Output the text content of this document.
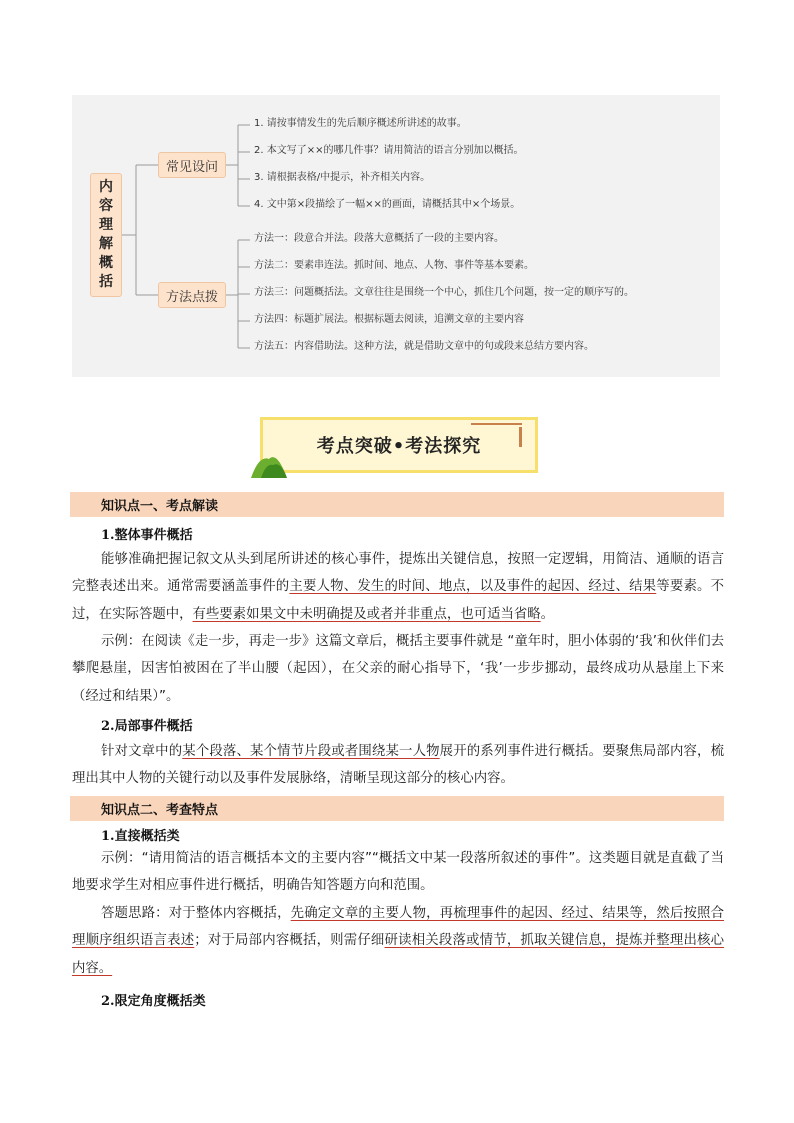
内
容
理
解
概
括
常见设问
方法点拨
1. 请按事情发生的先后顺序概述所讲述的故事。
2. 本文写了××的哪几件事？请用简洁的语言分别加以概括。
3. 请根据表格/中提示，补齐相关内容。
4. 文中第×段描绘了一幅××的画面，请概括其中×个场景。
方法一：段意合并法。段落大意概括了一段的主要内容。
方法二：要素串连法。抓时间、地点、人物、事件等基本要素。
方法三：问题概括法。文章往往是围绕一个中心，抓住几个问题，按一定的顺序写的。
方法四：标题扩展法。根据标题去阅读，追溯文章的主要内容
方法五：内容借助法。这种方法，就是借助文章中的句或段来总结方要内容。
考点突破•考法探究
知识点一、考点解读
1.整体事件概括
能够准确把握记叙文从头到尾所讲述的核心事件，提炼出关键信息，按照一定逻辑，用简洁、通顺的语言完整表述出来。通常需要涵盖事件的主要人物、发生的时间、地点，以及事件的起因、经过、结果等要素。不过，在实际答题中，有些要素如果文中未明确提及或者并非重点，也可适当省略。
示例：在阅读《走一步，再走一步》这篇文章后，概括主要事件就是 “童年时，胆小体弱的‘我’和伙伴们去攀爬悬崖，因害怕被困在了半山腰（起因），在父亲的耐心指导下，‘我’一步步挪动，最终成功从悬崖上下来（经过和结果）”。
2.局部事件概括
针对文章中的某个段落、某个情节片段或者围绕某一人物展开的系列事件进行概括。要聚焦局部内容，梳理出其中人物的关键行动以及事件发展脉络，清晰呈现这部分的核心内容。
知识点二、考查特点
1.直接概括类
示例：“请用简洁的语言概括本文的主要内容”“概括文中某一段落所叙述的事件”。这类题目就是直截了当地要求学生对相应事件进行概括，明确告知答题方向和范围。
答题思路：对于整体内容概括，先确定文章的主要人物，再梳理事件的起因、经过、结果等，然后按照合理顺序组织语言表述；对于局部内容概括，则需仔细研读相关段落或情节，抓取关键信息，提炼并整理出核心内容。
2.限定角度概括类
